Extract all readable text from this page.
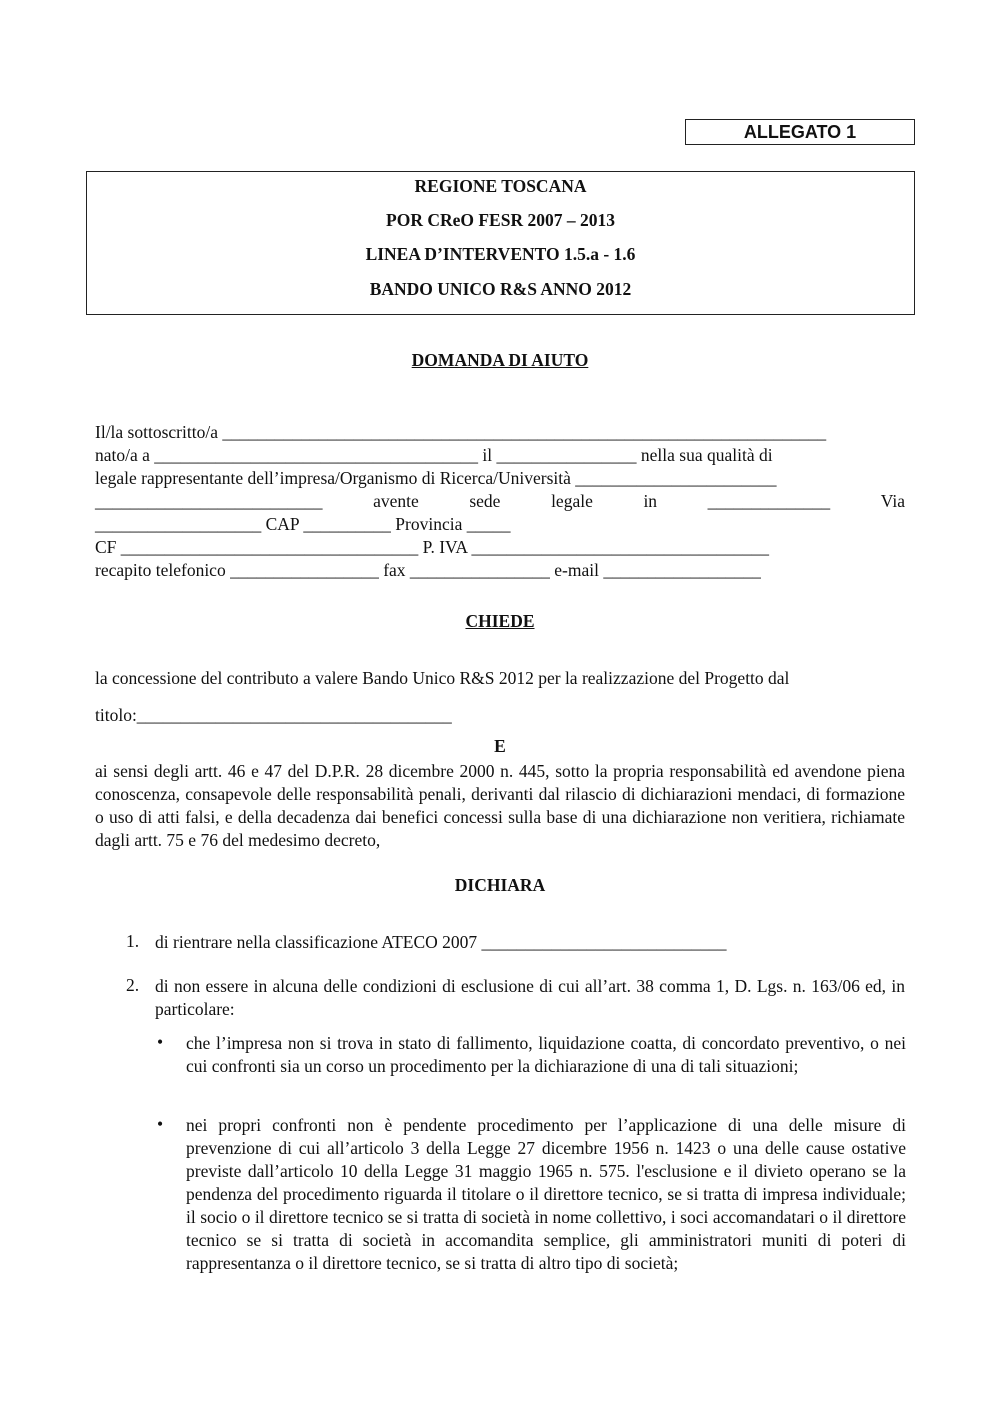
ALLEGATO 1
REGIONE TOSCANA
POR CReO FESR 2007 – 2013
LINEA D’INTERVENTO 1.5.a - 1.6
BANDO UNICO R&S ANNO 2012
DOMANDA DI AIUTO
Il/la sottoscritto/a _____________________________________________________________________
nato/a a _____________________________________ il ________________ nella sua qualità di
legale rappresentante dell’impresa/Organismo di Ricerca/Università _______________________
__________________________	avente	sede	legale	in	______________	Via
___________________ CAP __________ Provincia _____
CF __________________________________ P. IVA __________________________________
recapito telefonico _________________ fax ________________ e-mail __________________
CHIEDE
la concessione del contributo a valere Bando Unico R&S 2012 per la realizzazione del Progetto dal
titolo:____________________________________
E
ai sensi degli artt. 46 e 47 del D.P.R. 28 dicembre 2000 n. 445, sotto la propria responsabilità ed avendone piena conoscenza, consapevole delle responsabilità penali, derivanti dal rilascio di dichiarazioni mendaci, di formazione o uso di atti falsi, e della decadenza dai benefici concessi sulla base di una dichiarazione non veritiera, richiamate dagli artt. 75 e 76 del medesimo decreto,
DICHIARA
1. di rientrare nella classificazione ATECO 2007 ____________________________
2. di non essere in alcuna delle condizioni di esclusione di cui all’art. 38 comma 1, D. Lgs. n. 163/06 ed, in particolare:
• che l’impresa non si trova in stato di fallimento, liquidazione coatta, di concordato preventivo, o nei cui confronti sia un corso un procedimento per la dichiarazione di una di tali situazioni;
• nei propri confronti non è pendente procedimento per l’applicazione di una delle misure di prevenzione di cui all’articolo 3 della Legge 27 dicembre 1956 n. 1423 o una delle cause ostative previste dall’articolo 10 della Legge 31 maggio 1965 n. 575. l'esclusione e il divieto operano se la pendenza del procedimento riguarda il titolare o il direttore tecnico, se si tratta di impresa individuale; il socio o il direttore tecnico se si tratta di società in nome collettivo, i soci accomandatari o il direttore tecnico se si tratta di società in accomandita semplice, gli amministratori muniti di poteri di rappresentanza o il direttore tecnico, se si tratta di altro tipo di società;
